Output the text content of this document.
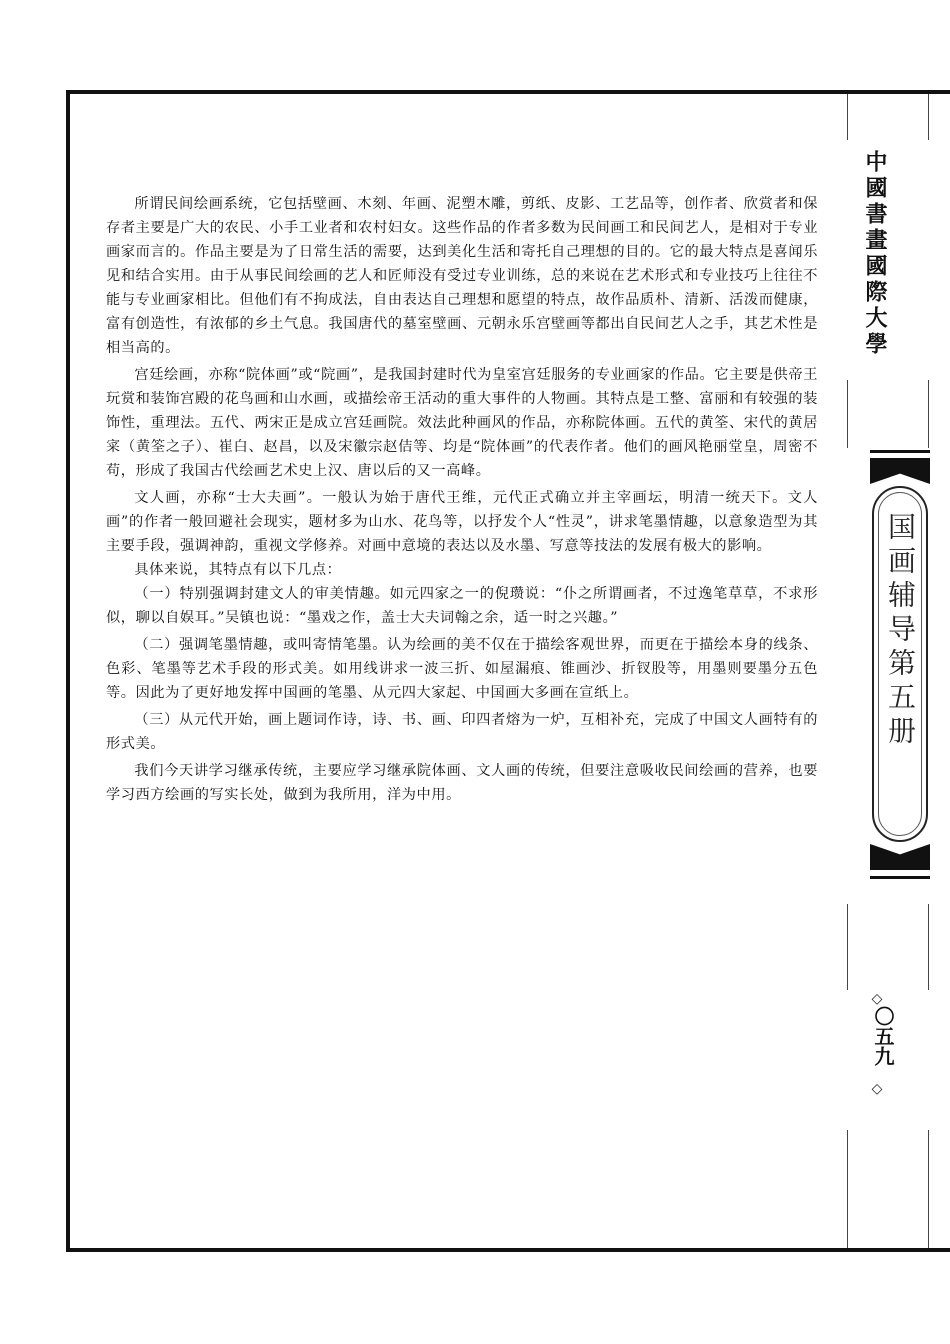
中國書畫國際大學
国画辅导第五册
◇
〇五九
◇

所谓民间绘画系统，它包括壁画、木刻、年画、泥塑木雕，剪纸、皮影、工艺品等，创作者、欣赏者和保存者主要是广大的农民、小手工业者和农村妇女。这些作品的作者多数为民间画工和民间艺人，是相对于专业画家而言的。作品主要是为了日常生活的需要，达到美化生活和寄托自己理想的目的。它的最大特点是喜闻乐见和结合实用。由于从事民间绘画的艺人和匠师没有受过专业训练，总的来说在艺术形式和专业技巧上往往不能与专业画家相比。但他们有不拘成法，自由表达自己理想和愿望的特点，故作品质朴、清新、活泼而健康，富有创造性，有浓郁的乡土气息。我国唐代的墓室壁画、元朝永乐宫壁画等都出自民间艺人之手，其艺术性是相当高的。

宫廷绘画，亦称“院体画”或“院画”，是我国封建时代为皇室宫廷服务的专业画家的作品。它主要是供帝王玩赏和装饰宫殿的花鸟画和山水画，或描绘帝王活动的重大事件的人物画。其特点是工整、富丽和有较强的装饰性，重理法。五代、两宋正是成立宫廷画院。效法此种画风的作品，亦称院体画。五代的黄筌、宋代的黄居寀（黄筌之子）、崔白、赵昌，以及宋徽宗赵佶等、均是“院体画”的代表作者。他们的画风艳丽堂皇，周密不苟，形成了我国古代绘画艺术史上汉、唐以后的又一高峰。

文人画，亦称“士大夫画”。一般认为始于唐代王维，元代正式确立并主宰画坛，明清一统天下。文人画”的作者一般回避社会现实，题材多为山水、花鸟等，以抒发个人“性灵”，讲求笔墨情趣，以意象造型为其主要手段，强调神韵，重视文学修养。对画中意境的表达以及水墨、写意等技法的发展有极大的影响。

具体来说，其特点有以下几点：

（一）特别强调封建文人的审美情趣。如元四家之一的倪瓒说：“仆之所谓画者，不过逸笔草草，不求形似，聊以自娱耳。”吴镇也说：“墨戏之作，盖士大夫词翰之余，适一时之兴趣。”

（二）强调笔墨情趣，或叫寄情笔墨。认为绘画的美不仅在于描绘客观世界，而更在于描绘本身的线条、色彩、笔墨等艺术手段的形式美。如用线讲求一波三折、如屋漏痕、锥画沙、折钗股等，用墨则要墨分五色等。因此为了更好地发挥中国画的笔墨、从元四大家起、中国画大多画在宣纸上。

（三）从元代开始，画上题词作诗，诗、书、画、印四者熔为一炉，互相补充，完成了中国文人画特有的形式美。

我们今天讲学习继承传统，主要应学习继承院体画、文人画的传统，但要注意吸收民间绘画的营养，也要学习西方绘画的写实长处，做到为我所用，洋为中用。
